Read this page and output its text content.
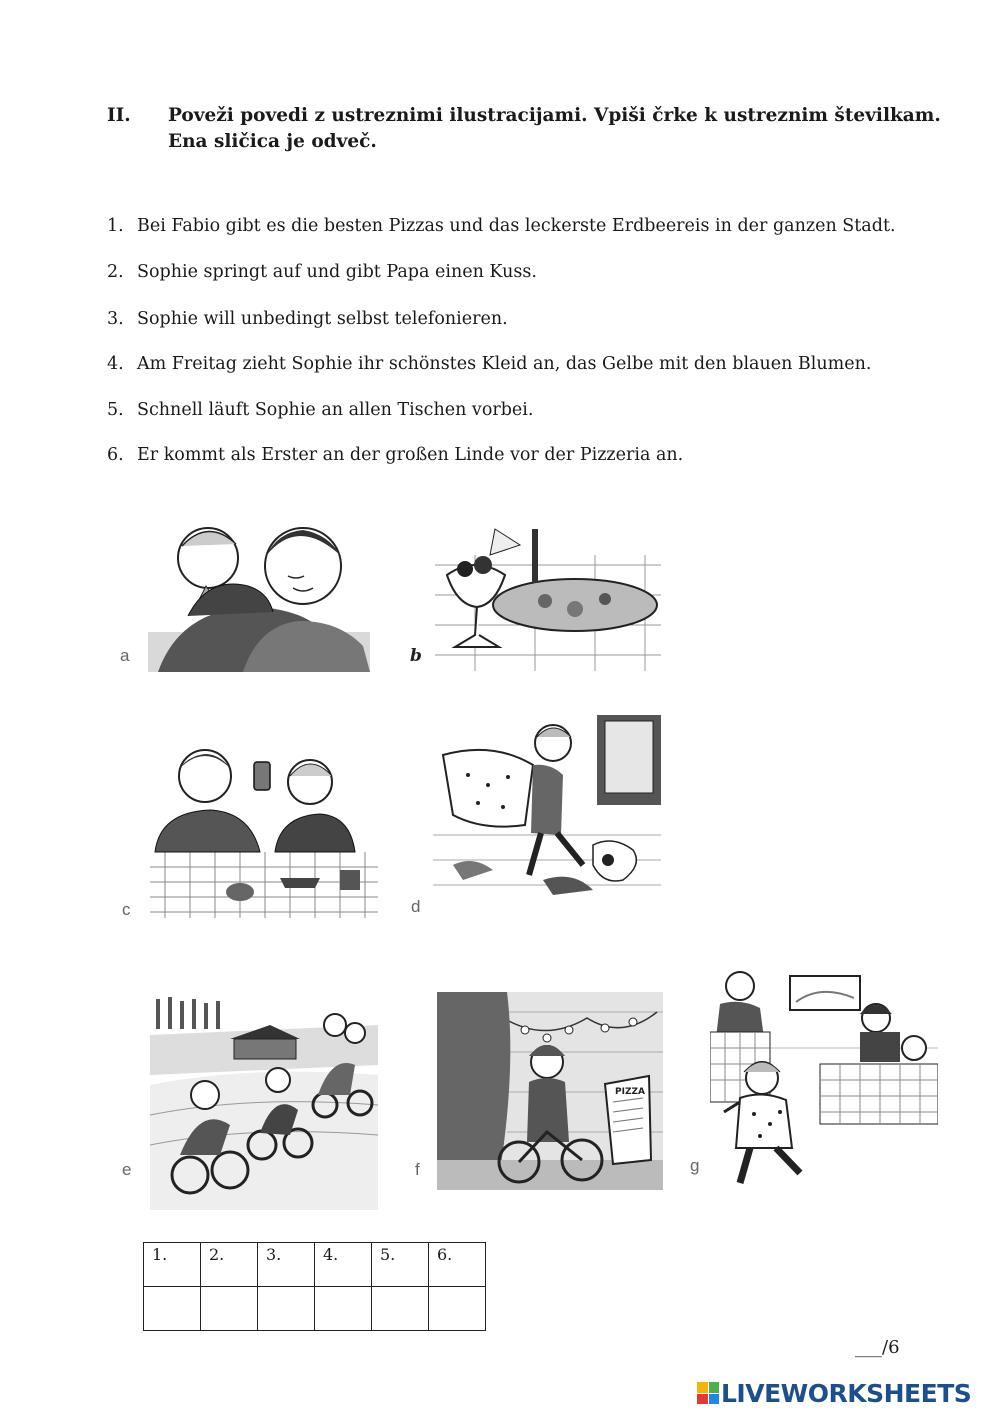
II. Poveži povedi z ustreznimi ilustracijami. Vpiši črke k ustreznim številkam. Ena sličica je odveč.
1. Bei Fabio gibt es die besten Pizzas und das leckerste Erdbeereis in der ganzen Stadt.
2. Sophie springt auf und gibt Papa einen Kuss.
3. Sophie will unbedingt selbst telefonieren.
4. Am Freitag zieht Sophie ihr schönstes Kleid an, das Gelbe mit den blauen Blumen.
5. Schnell läuft Sophie an allen Tischen vorbei.
6. Er kommt als Erster an der großen Linde vor der Pizzeria an.
a	b
c	d
e
PIZZA
f	g
1.	2.	3.	4.	5.	6.

___/6
LIVEWORKSHEETS
